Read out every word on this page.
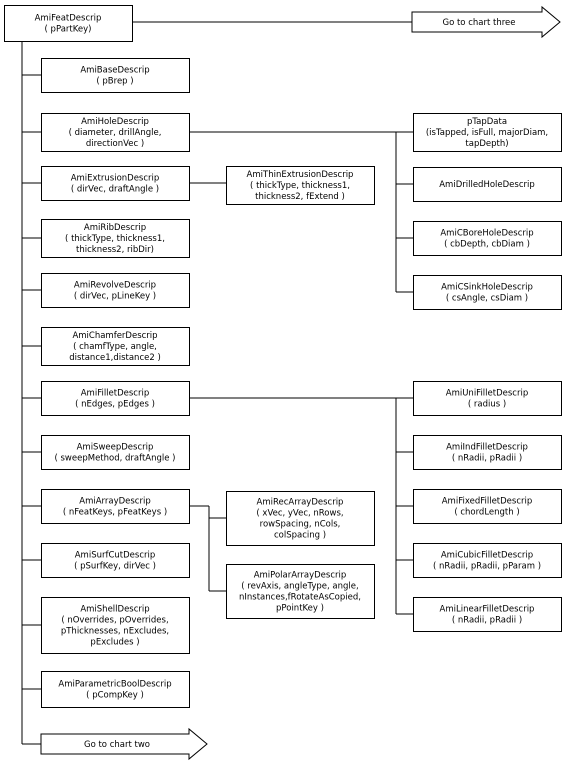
AmiFeatDescrip
( pPartKey)
AmiBaseDescrip
( pBrep )
AmiHoleDescrip
( diameter, drillAngle,
directionVec )
AmiExtrusionDescrip
( dirVec, draftAngle )
AmiRibDescrip
( thickType, thickness1,
thickness2, ribDir)
AmiRevolveDescrip
( dirVec, pLineKey )
AmiChamferDescrip
( chamfType, angle,
distance1,distance2 )
AmiFilletDescrip
( nEdges, pEdges )
AmiSweepDescrip
( sweepMethod, draftAngle )
AmiArrayDescrip
( nFeatKeys, pFeatKeys )
AmiSurfCutDescrip
( pSurfKey, dirVec )
AmiShellDescrip
( nOverrides, pOverrides,
pThicknesses, nExcludes,
pExcludes )
AmiParametricBoolDescrip
( pCompKey )
AmiThinExtrusionDescrip
( thickType, thickness1,
thickness2, fExtend )
AmiRecArrayDescrip
( xVec, yVec, nRows,
rowSpacing, nCols,
colSpacing )
AmiPolarArrayDescrip
( revAxis, angleType, angle,
nInstances,fRotateAsCopied,
pPointKey )
pTapData
(isTapped, isFull, majorDiam,
tapDepth)
AmiDrilledHoleDescrip
AmiCBoreHoleDescrip
( cbDepth, cbDiam )
AmiCSinkHoleDescrip
( csAngle, csDiam )
AmiUniFilletDescrip
( radius )
AmiIndFilletDescrip
( nRadii, pRadii )
AmiFixedFilletDescrip
( chordLength )
AmiCubicFilletDescrip
( nRadii, pRadii, pParam )
AmiLinearFilletDescrip
( nRadii, pRadii )
Go to chart three
Go to chart two
